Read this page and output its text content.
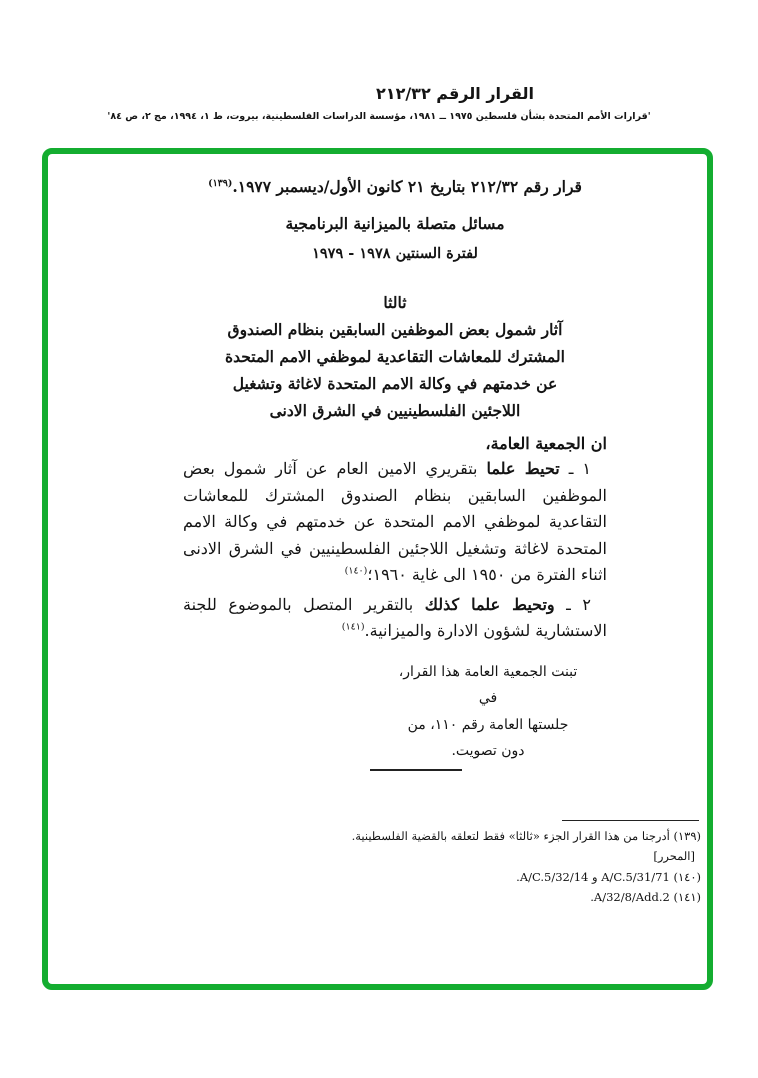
القرار الرقم ٢١٢/٣٢
'قرارات الأمم المتحدة بشأن فلسطين ١٩٧٥ ــ ١٩٨١، مؤسسة الدراسات الفلسطينية، بيروت، ط ١، ١٩٩٤، مج ٢، ص ٨٤'
قرار رقم ٢١٢/٣٢ بتاريخ ٢١ كانون الأول/ديسمبر ١٩٧٧.$^{(١٣٩)}$
مسائل متصلة بالميزانية البرنامجية
لفترة السنتين ١٩٧٨ - ١٩٧٩
ثالثا
آثار شمول بعض الموظفين السابقين بنظام الصندوق
المشترك للمعاشات التقاعدية لموظفي الامم المتحدة
عن خدمتهم في وكالة الامم المتحدة لاغاثة وتشغيل
اللاجئين الفلسطينيين في الشرق الادنى
ان الجمعية العامة،

١ ـ تحيط علما بتقريري الامين العام عن آثار شمول بعض الموظفين السابقين بنظام الصندوق المشترك للمعاشات التقاعدية لموظفي الامم المتحدة عن خدمتهم في وكالة الامم المتحدة لاغاثة وتشغيل اللاجئين الفلسطينيين في الشرق الادنى اثناء الفترة من ١٩٥٠ الى غاية ١٩٦٠؛$^{(١٤٠)}$

٢ ـ وتحيط علما كذلك بالتقرير المتصل بالموضوع للجنة الاستشارية لشؤون الادارة والميزانية.$^{(١٤١)}$

تبنت الجمعية العامة هذا القرار، في
جلستها العامة رقم ١١٠، من
دون تصويت.
(١٣٩) أدرجنا من هذا القرار الجزء «ثالثا» فقط لتعلقه بالقضية الفلسطينية.
[المحرر]
(١٤٠) A/C.5/31/71 و A/C.5/32/14.
(١٤١) A/32/8/Add.2.
